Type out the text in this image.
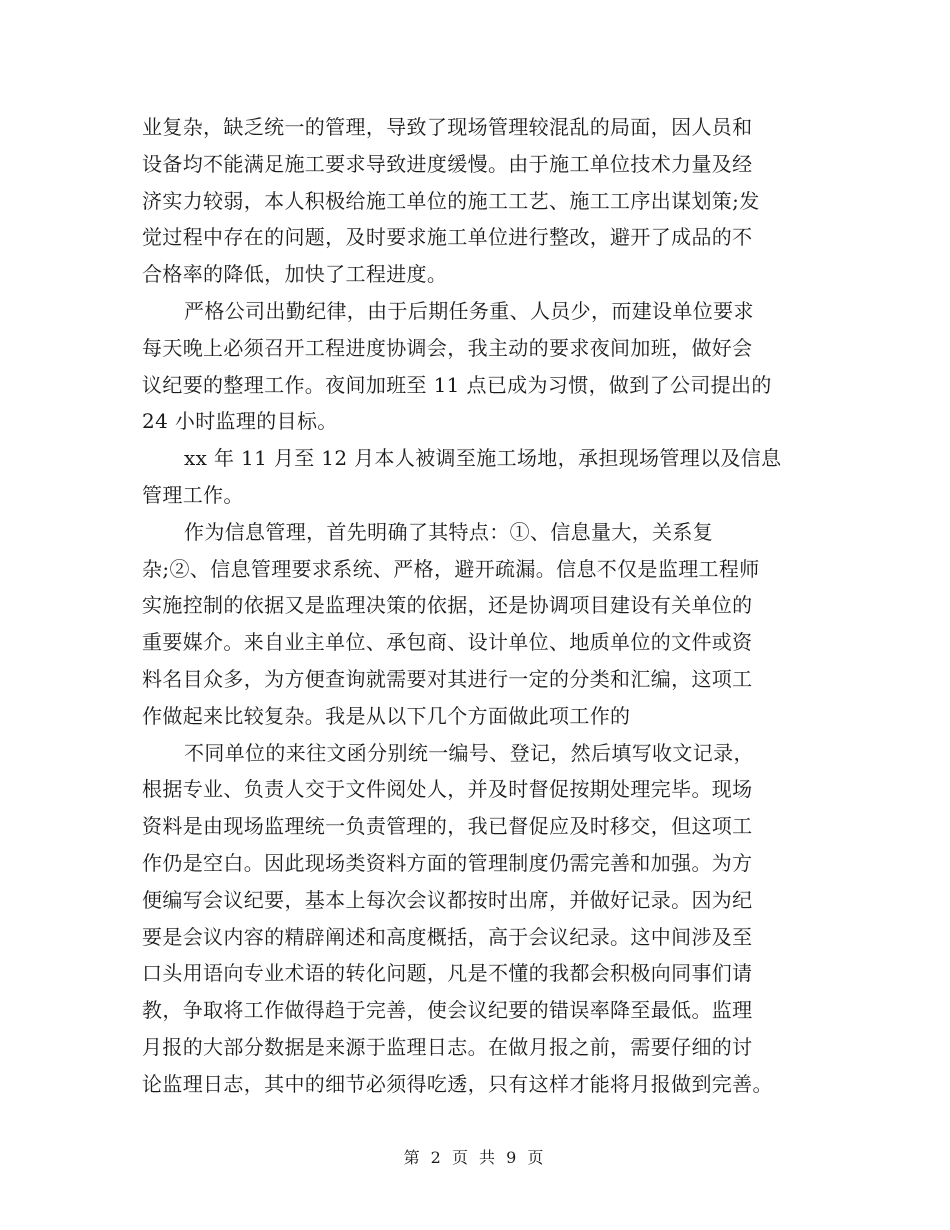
业复杂，缺乏统一的管理，导致了现场管理较混乱的局面，因人员和
设备均不能满足施工要求导致进度缓慢。由于施工单位技术力量及经
济实力较弱，本人积极给施工单位的施工工艺、施工工序出谋划策;发
觉过程中存在的问题，及时要求施工单位进行整改，避开了成品的不
合格率的降低，加快了工程进度。
严格公司出勤纪律，由于后期任务重、人员少，而建设单位要求
每天晚上必须召开工程进度协调会，我主动的要求夜间加班，做好会
议纪要的整理工作。夜间加班至 11 点已成为习惯，做到了公司提出的
24 小时监理的目标。
xx 年 11 月至 12 月本人被调至施工场地，承担现场管理以及信息
管理工作。
作为信息管理，首先明确了其特点：①、信息量大，关系复
杂;②、信息管理要求系统、严格，避开疏漏。信息不仅是监理工程师
实施控制的依据又是监理决策的依据，还是协调项目建设有关单位的
重要媒介。来自业主单位、承包商、设计单位、地质单位的文件或资
料名目众多，为方便查询就需要对其进行一定的分类和汇编，这项工
作做起来比较复杂。我是从以下几个方面做此项工作的
不同单位的来往文函分别统一编号、登记，然后填写收文记录，
根据专业、负责人交于文件阅处人，并及时督促按期处理完毕。现场
资料是由现场监理统一负责管理的，我已督促应及时移交，但这项工
作仍是空白。因此现场类资料方面的管理制度仍需完善和加强。为方
便编写会议纪要，基本上每次会议都按时出席，并做好记录。因为纪
要是会议内容的精辟阐述和高度概括，高于会议纪录。这中间涉及至
口头用语向专业术语的转化问题，凡是不懂的我都会积极向同事们请
教，争取将工作做得趋于完善，使会议纪要的错误率降至最低。监理
月报的大部分数据是来源于监理日志。在做月报之前，需要仔细的讨
论监理日志，其中的细节必须得吃透，只有这样才能将月报做到完善。
第 2 页 共 9 页
